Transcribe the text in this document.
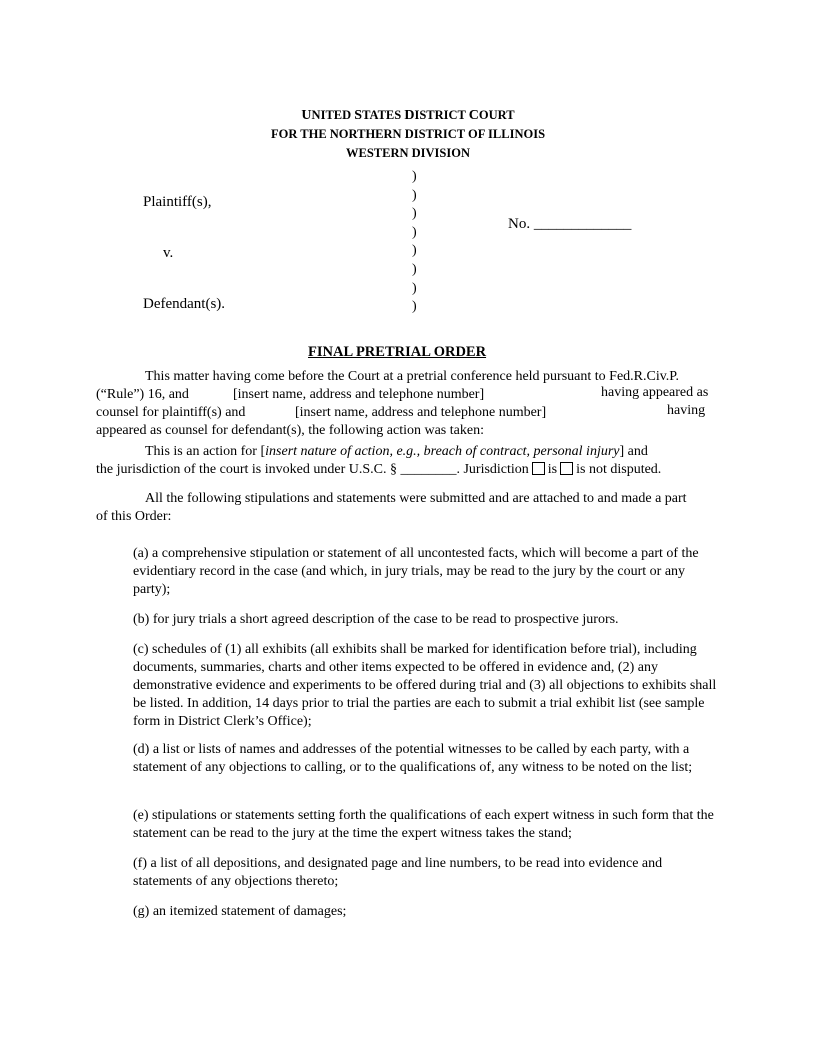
UNITED STATES DISTRICT COURT
FOR THE NORTHERN DISTRICT OF ILLINOIS
WESTERN DIVISION
Plaintiff(s),
v.
Defendant(s).
)
)
)
)
)
)
)
)
No. _____________
FINAL PRETRIAL ORDER
This matter having come before the Court at a pretrial conference held pursuant to Fed.R.Civ.P.
(“Rule”) 16, and	[insert name, address and telephone number]	having appeared as
counsel for plaintiff(s) and	[insert name, address and telephone number]	having
appeared as counsel for defendant(s), the following action was taken:
This is an action for [insert nature of action, e.g., breach of contract, personal injury] and
the jurisdiction of the court is invoked under U.S.C. § ________. Jurisdiction is is not disputed.
All the following stipulations and statements were submitted and are attached to and made a part
of this Order:
(a) a comprehensive stipulation or statement of all uncontested facts, which will become a part of the evidentiary record in the case (and which, in jury trials, may be read to the jury by the court or any party);
(b) for jury trials a short agreed description of the case to be read to prospective jurors.
(c) schedules of (1) all exhibits (all exhibits shall be marked for identification before trial), including documents, summaries, charts and other items expected to be offered in evidence and, (2) any demonstrative evidence and experiments to be offered during trial and (3) all objections to exhibits shall be listed. In addition, 14 days prior to trial the parties are each to submit a trial exhibit list (see sample form in District Clerk’s Office);
(d) a list or lists of names and addresses of the potential witnesses to be called by each party, with a statement of any objections to calling, or to the qualifications of, any witness to be noted on the list;
(e) stipulations or statements setting forth the qualifications of each expert witness in such form that the statement can be read to the jury at the time the expert witness takes the stand;
(f) a list of all depositions, and designated page and line numbers, to be read into evidence and statements of any objections thereto;
(g) an itemized statement of damages;
